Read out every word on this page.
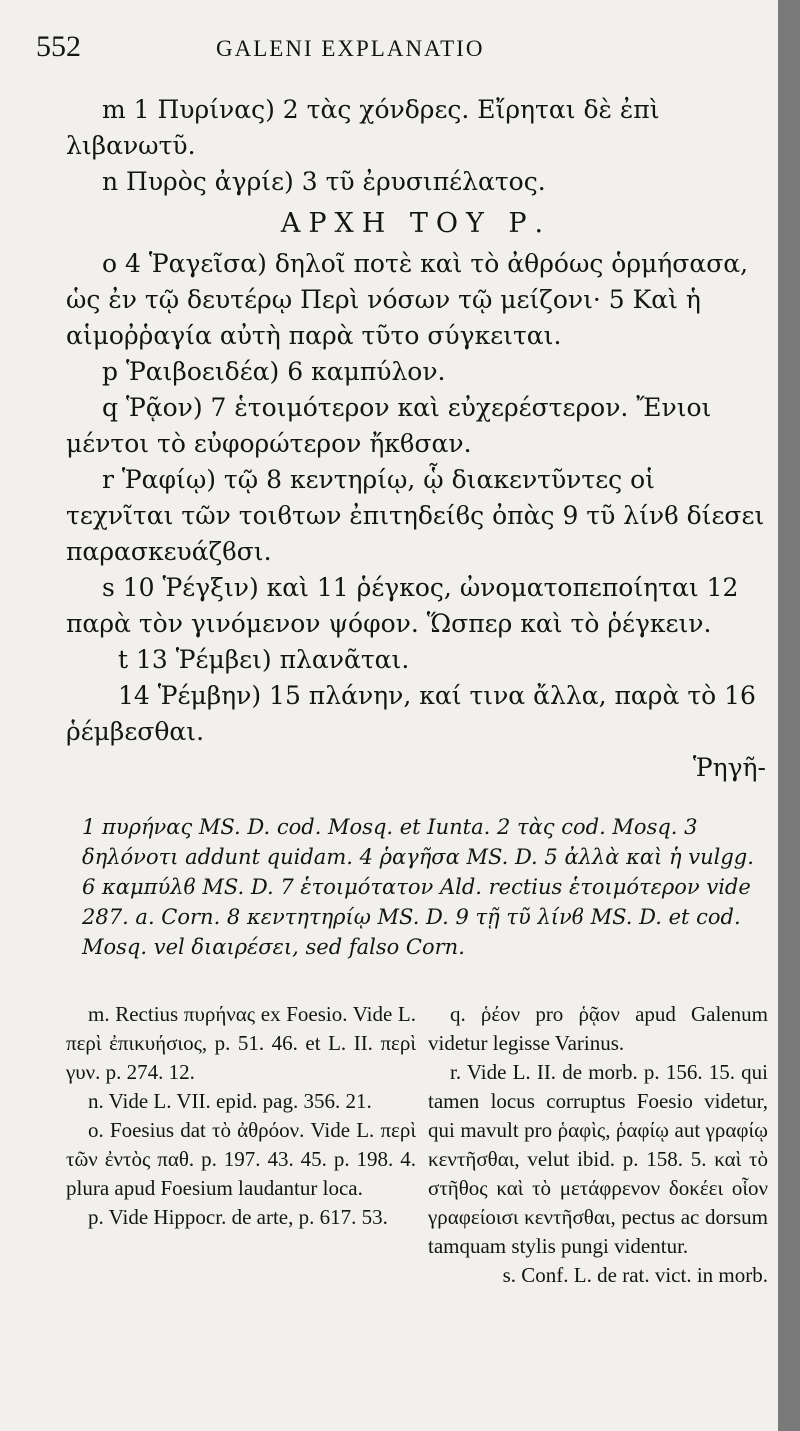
552	GALENI EXPLANATIO

m 1 Πυρίνας) 2 τὰς χόνδρες. Εἴρηται δὲ ἐπὶ λιβανωτῦ.

n Πυρὸς ἀγρίε) 3 τῦ ἐρυσιπέλατος.

ΑΡΧΗ ΤΟΥ Ρ.

o 4 Ῥαγεῖσα) δηλοῖ ποτὲ καὶ τὸ ἀθρόως ὁρμήσασα, ὡς ἐν τῷ δευτέρῳ Περὶ νόσων τῷ μείζονι· 5 Καὶ ἡ αἱμοῤῥαγία αὐτὴ παρὰ τῦτο σύγκειται.

p Ῥαιβοειδέα) 6 καμπύλον.

q Ῥᾷον) 7 ἑτοιμότερον καὶ εὐχερέστερον. Ἔνιοι μέντοι τὸ εὐφορώτερον ἤκϐσαν.

r Ῥαφίῳ) τῷ 8 κεντηρίῳ, ᾧ διακεντῦντες οἱ τεχνῖται τῶν τοιϐτων ἐπιτηδείϐς ὀπὰς 9 τῦ λίνϐ δίεσει παρασκευάζϐσι.

s 10 Ῥέγξιν) καὶ 11 ῥέγκος, ὠνοματοπεποίηται 12 παρὰ τὸν γινόμενον ψόφον. Ὥσπερ καὶ τὸ ῥέγκειν.

t 13 Ῥέμβει) πλανᾶται.

14 Ῥέμβην) 15 πλάνην, καί τινα ἄλλα, παρὰ τὸ 16 ῥέμβεσθαι.

Ῥηγῆ-

1 πυρήνας MS. D. cod. Mosq. et Iunta. 2 τὰς cod. Mosq. 3 δηλόνοτι addunt quidam. 4 ῥαγῆσα MS. D. 5 ἀλλὰ καὶ ἡ vulgg. 6 καμπύλϐ MS. D. 7 ἑτοιμότατον Ald. rectius ἑτοιμότερον vide 287. a. Corn. 8 κεντητηρίῳ MS. D. 9 τῇ τῦ λίνϐ MS. D. et cod. Mosq. vel διαιρέσει, sed falso Corn.

m. Rectius πυρήνας ex Foesio. Vide L. περὶ ἐπικυήσιος, p. 51. 46. et L. II. περὶ γυν. p. 274. 12.

n. Vide L. VII. epid. pag. 356. 21.

o. Foesius dat τὸ ἀθρόον. Vide L. περὶ τῶν ἐντὸς παθ. p. 197. 43. 45. p. 198. 4. plura apud Foesium laudantur loca.

p. Vide Hippocr. de arte, p. 617. 53.

q. ῥέον pro ῥᾷον apud Galenum videtur legisse Varinus.

r. Vide L. II. de morb. p. 156. 15. qui tamen locus corruptus Foesio videtur, qui mavult pro ῥαφὶς, ῥαφίῳ aut γραφίῳ κεντῆσθαι, velut ibid. p. 158. 5. καὶ τὸ στῆθος καὶ τὸ μετάφρενον δοκέει οἷον γραφείοισι κεντῆσθαι, pectus ac dorsum tamquam stylis pungi videntur.

s. Conf. L. de rat. vict. in morb.
